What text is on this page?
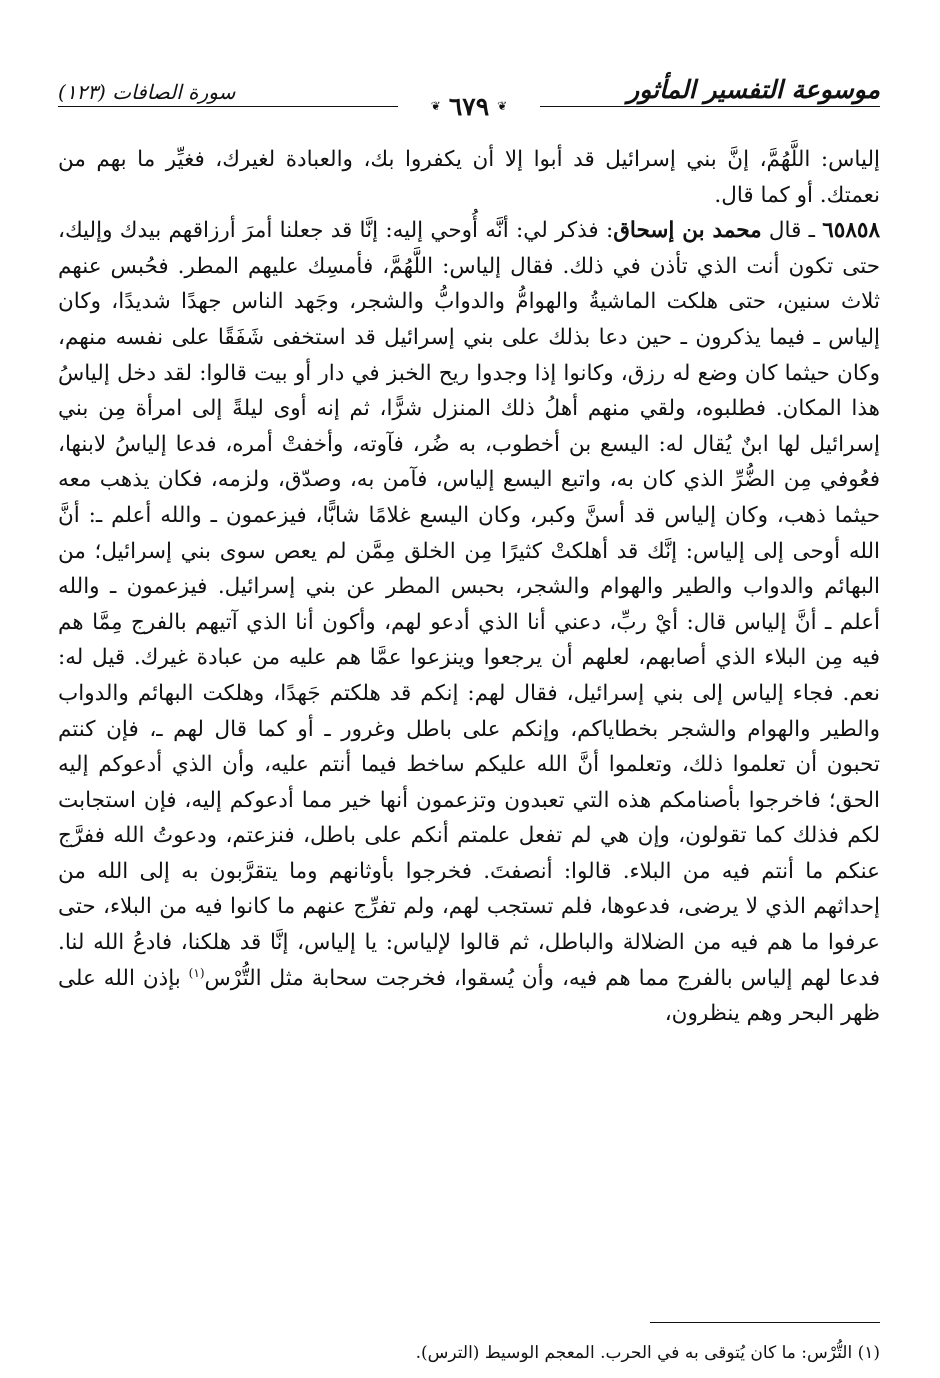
موسوعة التفسير المأثور
سورة الصافات (١٢٣)
❦
٦٧٩
❦

إلياس: اللَّهُمَّ، إنَّ بني إسرائيل قد أبوا إلا أن يكفروا بك، والعبادة لغيرك، فغيِّر ما بهم من نعمتك. أو كما قال.

٦٥٨٥٨ ـ قال محمد بن إسحاق: فذكر لي: أنَّه أُوحي إليه: إنَّا قد جعلنا أمرَ أرزاقهم بيدك وإليك، حتى تكون أنت الذي تأذن في ذلك. فقال إلياس: اللَّهُمَّ، فأمسِك عليهم المطر. فحُبس عنهم ثلاث سنين، حتى هلكت الماشيةُ والهوامُّ والدوابُّ والشجر، وجَهد الناس جهدًا شديدًا، وكان إلياس ـ فيما يذكرون ـ حين دعا بذلك على بني إسرائيل قد استخفى شَفَقًا على نفسه منهم، وكان حيثما كان وضع له رزق، وكانوا إذا وجدوا ريح الخبز في دار أو بيت قالوا: لقد دخل إلياسُ هذا المكان. فطلبوه، ولقي منهم أهلُ ذلك المنزل شرًّا، ثم إنه أوى ليلةً إلى امرأة مِن بني إسرائيل لها ابنٌ يُقال له: اليسع بن أخطوب، به ضُر، فآوته، وأخفتْ أمره، فدعا إلياسُ لابنها، فعُوفي مِن الضُّرِّ الذي كان به، واتبع اليسع إلياس، فآمن به، وصدّق، ولزمه، فكان يذهب معه حيثما ذهب، وكان إلياس قد أسنَّ وكبر، وكان اليسع غلامًا شابًّا، فيزعمون ـ والله أعلم ـ: أنَّ الله أوحى إلى إلياس: إنَّك قد أهلكتْ كثيرًا مِن الخلق مِمَّن لم يعص سوى بني إسرائيل؛ من البهائم والدواب والطير والهوام والشجر، بحبس المطر عن بني إسرائيل. فيزعمون ـ والله أعلم ـ أنَّ إلياس قال: أيْ ربِّ، دعني أنا الذي أدعو لهم، وأكون أنا الذي آتيهم بالفرج مِمَّا هم فيه مِن البلاء الذي أصابهم، لعلهم أن يرجعوا وينزعوا عمَّا هم عليه من عبادة غيرك. قيل له: نعم. فجاء إلياس إلى بني إسرائيل، فقال لهم: إنكم قد هلكتم جَهدًا، وهلكت البهائم والدواب والطير والهوام والشجر بخطاياكم، وإنكم على باطل وغرور ـ أو كما قال لهم ـ، فإن كنتم تحبون أن تعلموا ذلك، وتعلموا أنَّ الله عليكم ساخط فيما أنتم عليه، وأن الذي أدعوكم إليه الحق؛ فاخرجوا بأصنامكم هذه التي تعبدون وتزعمون أنها خير مما أدعوكم إليه، فإن استجابت لكم فذلك كما تقولون، وإن هي لم تفعل علمتم أنكم على باطل، فنزعتم، ودعوتُ الله ففرَّج عنكم ما أنتم فيه من البلاء. قالوا: أنصفتَ. فخرجوا بأوثانهم وما يتقرَّبون به إلى الله من إحداثهم الذي لا يرضى، فدعوها، فلم تستجب لهم، ولم تفرِّج عنهم ما كانوا فيه من البلاء، حتى عرفوا ما هم فيه من الضلالة والباطل، ثم قالوا لإلياس: يا إلياس، إنَّا قد هلكنا، فادعُ الله لنا. فدعا لهم إلياس بالفرج مما هم فيه، وأن يُسقوا، فخرجت سحابة مثل التُّرْس$^{(١)}$ بإذن الله على ظهر البحر وهم ينظرون،

(١) التُّرْس: ما كان يُتوقى به في الحرب. المعجم الوسيط (الترس).
